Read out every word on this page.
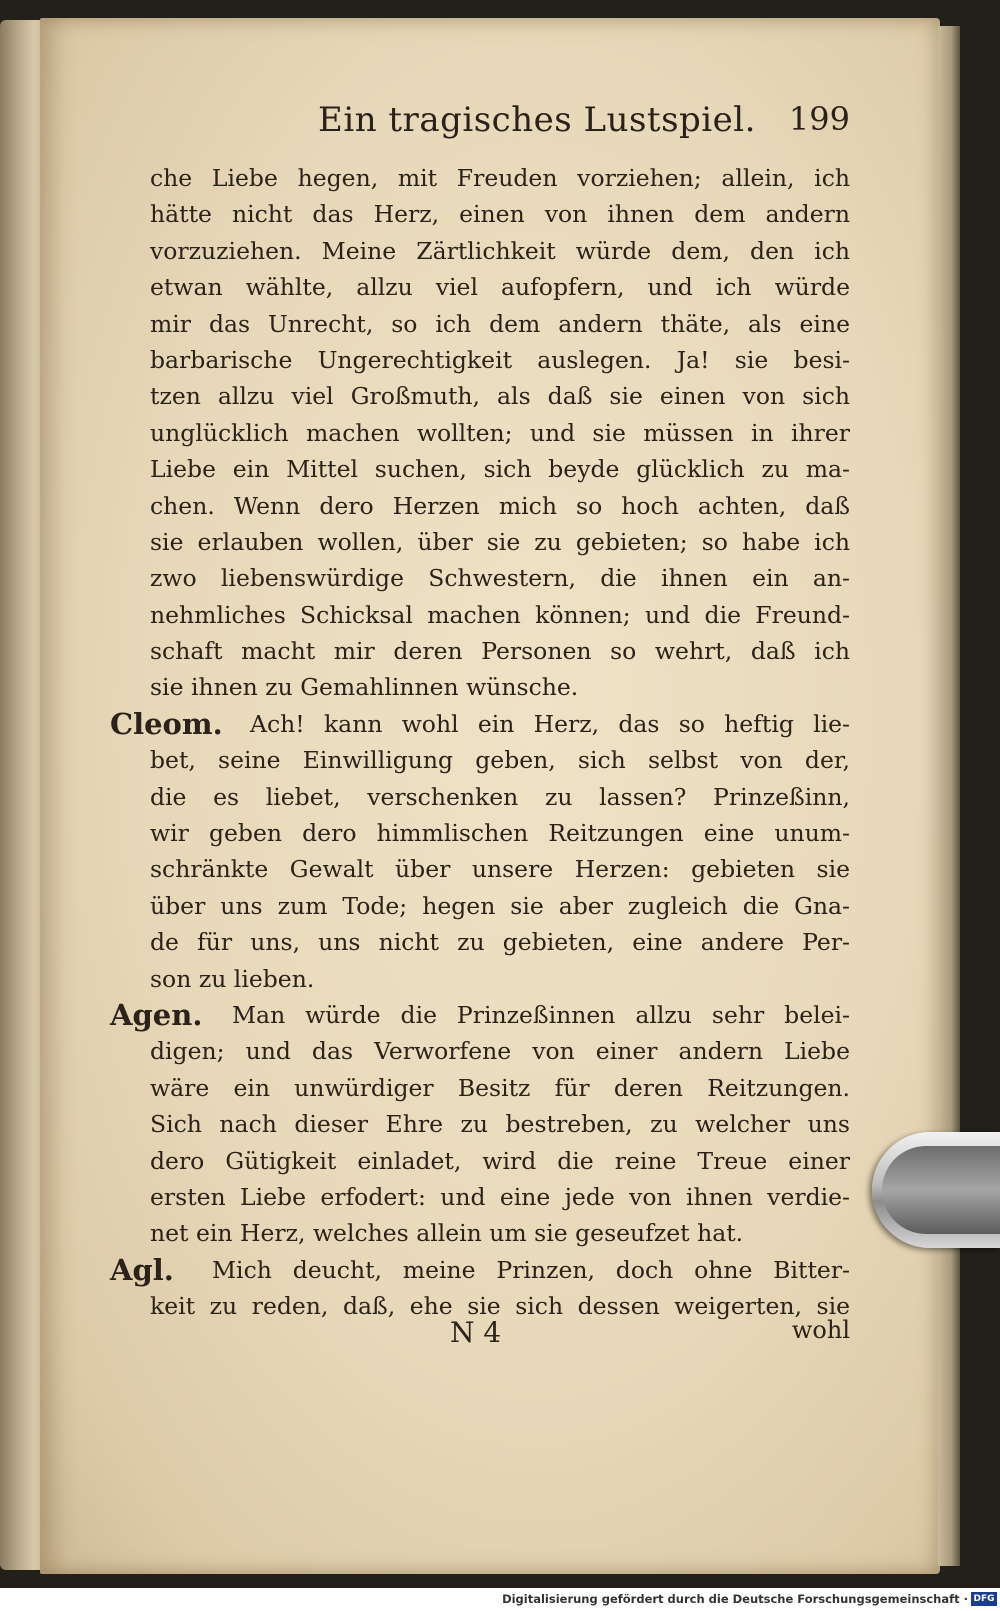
Ein tragisches Lustspiel. 199
che Liebe hegen, mit Freuden vorziehen; allein, ich
hätte nicht das Herz, einen von ihnen dem andern
vorzuziehen. Meine Zärtlichkeit würde dem, den ich
etwan wählte, allzu viel aufopfern, und ich würde
mir das Unrecht, so ich dem andern thäte, als eine
barbarische Ungerechtigkeit auslegen. Ja! sie besi-
tzen allzu viel Großmuth, als daß sie einen von sich
unglücklich machen wollten; und sie müssen in ihrer
Liebe ein Mittel suchen, sich beyde glücklich zu ma-
chen. Wenn dero Herzen mich so hoch achten, daß
sie erlauben wollen, über sie zu gebieten; so habe ich
zwo liebenswürdige Schwestern, die ihnen ein an-
nehmliches Schicksal machen können; und die Freund-
schaft macht mir deren Personen so wehrt, daß ich
sie ihnen zu Gemahlinnen wünsche.
Cleom. Ach! kann wohl ein Herz, das so heftig lie-
bet, seine Einwilligung geben, sich selbst von der,
die es liebet, verschenken zu lassen? Prinzeßinn,
wir geben dero himmlischen Reitzungen eine unum-
schränkte Gewalt über unsere Herzen: gebieten sie
über uns zum Tode; hegen sie aber zugleich die Gna-
de für uns, uns nicht zu gebieten, eine andere Per-
son zu lieben.
Agen. Man würde die Prinzeßinnen allzu sehr belei-
digen; und das Verworfene von einer andern Liebe
wäre ein unwürdiger Besitz für deren Reitzungen.
Sich nach dieser Ehre zu bestreben, zu welcher uns
dero Gütigkeit einladet, wird die reine Treue einer
ersten Liebe erfodert: und eine jede von ihnen verdie-
net ein Herz, welches allein um sie geseufzet hat.
Agl. Mich deucht, meine Prinzen, doch ohne Bitter-
keit zu reden, daß, ehe sie sich dessen weigerten, sie
N 4	wohl
Digitalisierung gefördert durch die Deutsche Forschungsgemeinschaft · DFG
